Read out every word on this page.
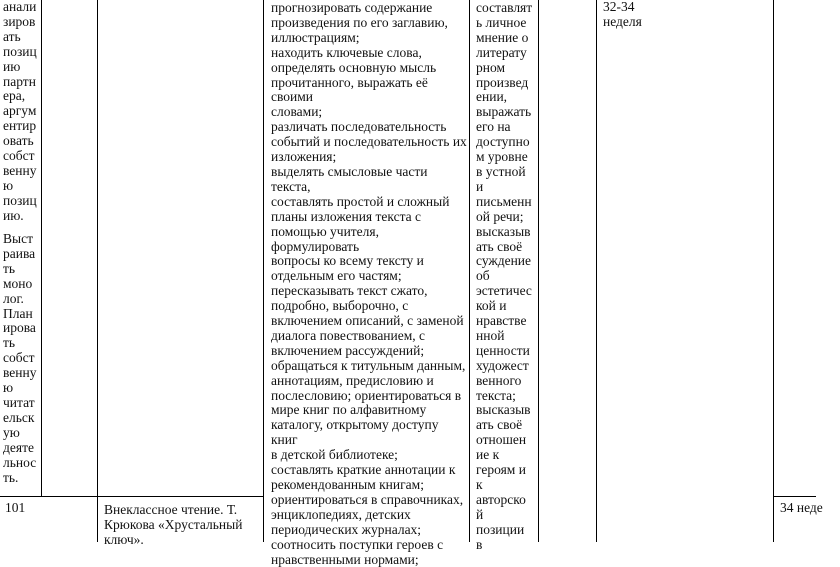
анали
зиров
ать
позиц
ию
партн
ера,
аргум
ентир
овать
собст
венну
ю
позиц
ию.
Выст
раива
ть
моно
лог.
План
ирова
ть
собст
венну
ю
читат
ельск
ую
деяте
льнос
ть.
прогнозировать содержание
произведения по его заглавию,
иллюстрациям;
находить ключевые слова,
определять основную мысль
прочитанного, выражать её своими
словами;
различать последовательность
событий и последовательность их
изложения;
выделять смысловые части текста,
составлять простой и сложный
планы изложения текста с
помощью учителя, формулировать
вопросы ко всему тексту и
отдельным его частям;
пересказывать текст сжато,
подробно, выборочно, с
включением описаний, с заменой
диалога повествованием, с
включением рассуждений;
обращаться к титульным данным,
аннотациям, предисловию и
послесловию; ориентироваться в
мире книг по алфавитному
каталогу, открытому доступу книг
в детской библиотеке;
составлять краткие аннотации к
рекомендованным книгам;
ориентироваться в справочниках,
энциклопедиях, детских
периодических журналах;
соотносить поступки героев с
нравственными нормами;
составлят
ь личное
мнение о
литерату
рном
произвед
ении,
выражать
его на
доступно
м уровне
в устной
и
письменн
ой речи;
высказыв
ать своё
суждение
об
эстетичес
кой и
нравстве
нной
ценности
художест
венного
текста;
высказыв
ать своё
отношен
ие к
героям и
к
авторско
й
позиции
в
32-34
неделя
101	Внеклассное чтение. Т.
Крюкова «Хрустальный
ключ».
34 неде
